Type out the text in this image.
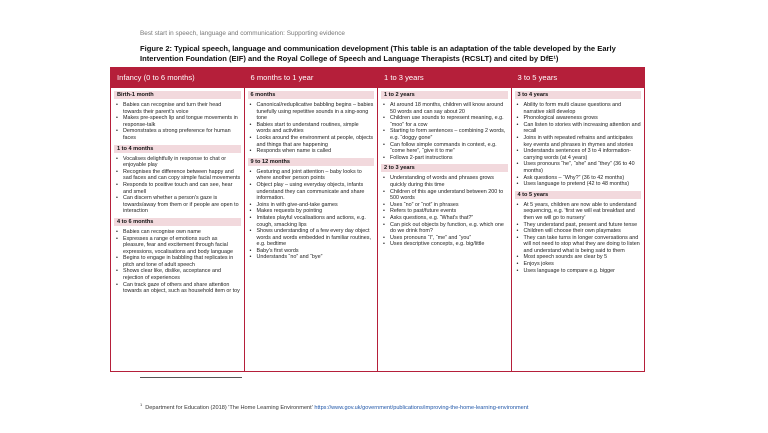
Best start in speech, language and communication: Supporting evidence
Figure 2: Typical speech, language and communication development (This table is an adaptation of the table developed by the Early Intervention Foundation (EIF) and the Royal College of Speech and Language Therapists (RCSLT) and cited by DfE¹)
Infancy (0 to 6 months)
Birth-1 month
• Babies can recognise and turn their head towards their parent's voice
• Makes pre-speech lip and tongue movements in response-talk
• Demonstrates a strong preference for human faces
1 to 4 months
• Vocalises delightfully in response to chat or enjoyable play
• Recognises the difference between happy and sad faces and can copy simple facial movements
• Responds to positive touch and can see, hear and smell
• Can discern whether a person's gaze is towards/away from them or if people are open to interaction
4 to 6 months
• Babies can recognise own name
• Expresses a range of emotions such as pleasure, fear and excitement through facial expressions, vocalisations and body language
• Begins to engage in babbling that replicates in pitch and tone of adult speech
• Shows clear like, dislike, acceptance and rejection of experiences
• Can track gaze of others and share attention towards an object, such as household item or toy
6 months to 1 year
6 months
• Canonical/reduplicative babbling begins – babies tunefully using repetitive sounds in a sing-song tone
• Babies start to understand routines, simple words and activities
• Looks around the environment at people, objects and things that are happening
• Responds when name is called
9 to 12 months
• Gesturing and joint attention – baby looks to where another person points
• Object play – using everyday objects, infants understand they can communicate and share information.
• Joins in with give-and-take games
• Makes requests by pointing
• Imitates playful vocalisations and actions, e.g. cough, smacking lips
• Shows understanding of a few every day object words and words embedded in familiar routines, e.g. bedtime
• Baby's first words
• Understands “no” and “bye”
1 to 3 years
1 to 2 years
• At around 18 months, children will know around 50 words and can say about 20
• Children use sounds to represent meaning, e.g. “moo” for a cow
• Starting to form sentences – combining 2 words, e.g. “doggy gone”
• Can follow simple commands in context, e.g. “come here”, “give it to me”
• Follows 2-part instructions
2 to 3 years
• Understanding of words and phrases grows quickly during this time
• Children of this age understand between 200 to 500 words
• Uses “no” or “not” in phrases
• Refers to past/future events
• Asks questions, e.g. “What's that?”
• Can pick out objects by function, e.g. which one do we drink from?
• Uses pronouns “I”, “me” and “you”
• Uses descriptive concepts, e.g. big/little
3 to 5 years
3 to 4 years
• Ability to form multi clause questions and narrative skill develop
• Phonological awareness grows
• Can listen to stories with increasing attention and recall
• Joins in with repeated refrains and anticipates key events and phrases in rhymes and stories
• Understands sentences of 3 to 4 information-carrying words (at 4 years)
• Uses pronouns “he”, “she” and “they” (36 to 40 months)
• Ask questions – “Why?” (36 to 42 months)
• Uses language to pretend (42 to 48 months)
4 to 5 years
• At 5 years, children are now able to understand sequencing, e.g. 'first we will eat breakfast and then we will go to nursery'
• They understand past, present and future tense
• Children will choose their own playmates
• They can take turns in longer conversations and will not need to stop what they are doing to listen and understand what is being said to them
• Most speech sounds are clear by 5
• Enjoys jokes
• Uses language to compare e.g. bigger
$^1$Department for Education (2018) 'The Home Learning Environment' https://www.gov.uk/government/publications/improving-the-home-learning-environment
